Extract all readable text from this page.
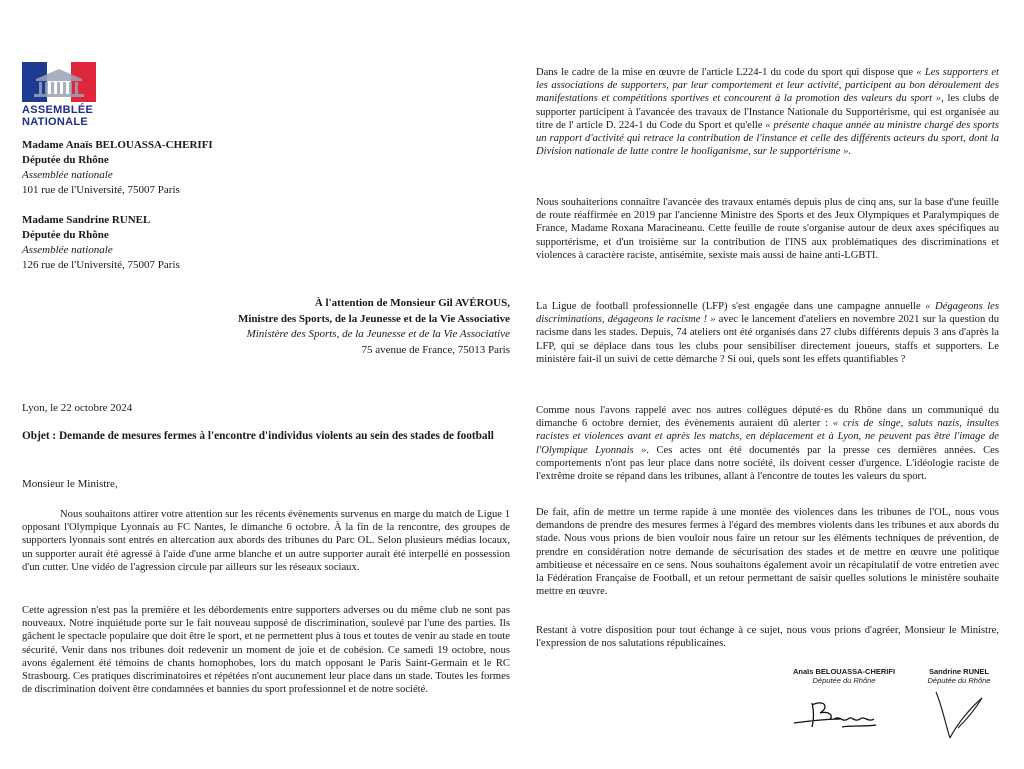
ASSEMBLÉE
NATIONALE
Madame Anaïs BELOUASSA-CHERIFI
Députée du Rhône
Assemblée nationale
101 rue de l'Université, 75007 Paris
Madame Sandrine RUNEL
Députée du Rhône
Assemblée nationale
126 rue de l'Université, 75007 Paris
À l'attention de Monsieur Gil AVÉROUS,
Ministre des Sports, de la Jeunesse et de la Vie Associative
Ministère des Sports, de la Jeunesse et de la Vie Associative
75 avenue de France, 75013 Paris
Lyon, le 22 octobre 2024
Objet : Demande de mesures fermes à l'encontre d'individus violents au sein des stades de football
Monsieur le Ministre,

Nous souhaitons attirer votre attention sur les récents évènements survenus en marge du match de Ligue 1 opposant l'Olympique Lyonnais au FC Nantes, le dimanche 6 octobre. À la fin de la rencontre, des groupes de supporters lyonnais sont entrés en altercation aux abords des tribunes du Parc OL. Selon plusieurs médias locaux, un supporter aurait été agressé à l'aide d'une arme blanche et un autre supporter aurait été interpellé en possession d'un cutter. Une vidéo de l'agression circule par ailleurs sur les réseaux sociaux.

Cette agression n'est pas la première et les débordements entre supporters adverses ou du même club ne sont pas nouveaux. Notre inquiétude porte sur le fait nouveau supposé de discrimination, soulevé par l'une des parties. Ils gâchent le spectacle populaire que doit être le sport, et ne permettent plus à tous et toutes de venir au stade en toute sécurité. Venir dans nos tribunes doit redevenir un moment de joie et de cohésion. Ce samedi 19 octobre, nous avons également été témoins de chants homophobes, lors du match opposant le Paris Saint-Germain et le RC Strasbourg. Ces pratiques discriminatoires et répétées n'ont aucunement leur place dans un stade. Toutes les formes de discrimination doivent être condamnées et bannies du sport professionnel et de notre société.

Dans le cadre de la mise en œuvre de l'article L224-1 du code du sport qui dispose que « Les supporters et les associations de supporters, par leur comportement et leur activité, participent au bon déroulement des manifestations et compétitions sportives et concourent à la promotion des valeurs du sport », les clubs de supporter participent à l'avancée des travaux de l'Instance Nationale du Supportérisme, qui est organisée au titre de l' article D. 224-1 du Code du Sport et qu'elle « présente chaque année au ministre chargé des sports un rapport d'activité qui retrace la contribution de l'instance et celle des différents acteurs du sport, dont la Division nationale de lutte contre le hooliganisme, sur le supportérisme ».

Nous souhaiterions connaître l'avancée des travaux entamés depuis plus de cinq ans, sur la base d'une feuille de route réaffirmée en 2019 par l'ancienne Ministre des Sports et des Jeux Olympiques et Paralympiques de France, Madame Roxana Maracineanu. Cette feuille de route s'organise autour de deux axes spécifiques au supportérisme, et d'un troisième sur la contribution de l'INS aux problématiques des discriminations et violences à caractère raciste, antisémite, sexiste mais aussi de haine anti-LGBTI.

La Ligue de football professionnelle (LFP) s'est engagée dans une campagne annuelle « Dégageons les discriminations, dégageons le racisme ! » avec le lancement d'ateliers en novembre 2021 sur la question du racisme dans les stades. Depuis, 74 ateliers ont été organisés dans 27 clubs différents depuis 3 ans d'après la LFP, qui se déplace dans tous les clubs pour sensibiliser directement joueurs, staffs et supporters. Le ministère fait-il un suivi de cette démarche ? Si oui, quels sont les effets quantifiables ?

Comme nous l'avons rappelé avec nos autres collègues député·es du Rhône dans un communiqué du dimanche 6 octobre dernier, des évènements auraient dû alerter : « cris de singe, saluts nazis, insultes racistes et violences avant et après les matchs, en déplacement et à Lyon, ne peuvent pas être l'image de l'Olympique Lyonnais ». Ces actes ont été documentés par la presse ces dernières années. Ces comportements n'ont pas leur place dans notre société, ils doivent cesser d'urgence. L'idéologie raciste de l'extrême droite se répand dans les tribunes, allant à l'encontre de toutes les valeurs du sport.

De fait, afin de mettre un terme rapide à une montée des violences dans les tribunes de l'OL, nous vous demandons de prendre des mesures fermes à l'égard des membres violents dans les tribunes et aux abords du stade. Nous vous prions de bien vouloir nous faire un retour sur les éléments techniques de prévention, de prendre en considération notre demande de sécurisation des stades et de mettre en œuvre une politique ambitieuse et nécessaire en ce sens. Nous souhaitons également avoir un récapitulatif de votre entretien avec la Fédération Française de Football, et un retour permettant de saisir quelles solutions le ministère souhaite mettre en œuvre.

Restant à votre disposition pour tout échange à ce sujet, nous vous prions d'agréer, Monsieur le Ministre, l'expression de nos salutations républicaines.

Anaïs BELOUASSA-CHERIFI
Députée du Rhône
Sandrine RUNEL
Députée du Rhône
